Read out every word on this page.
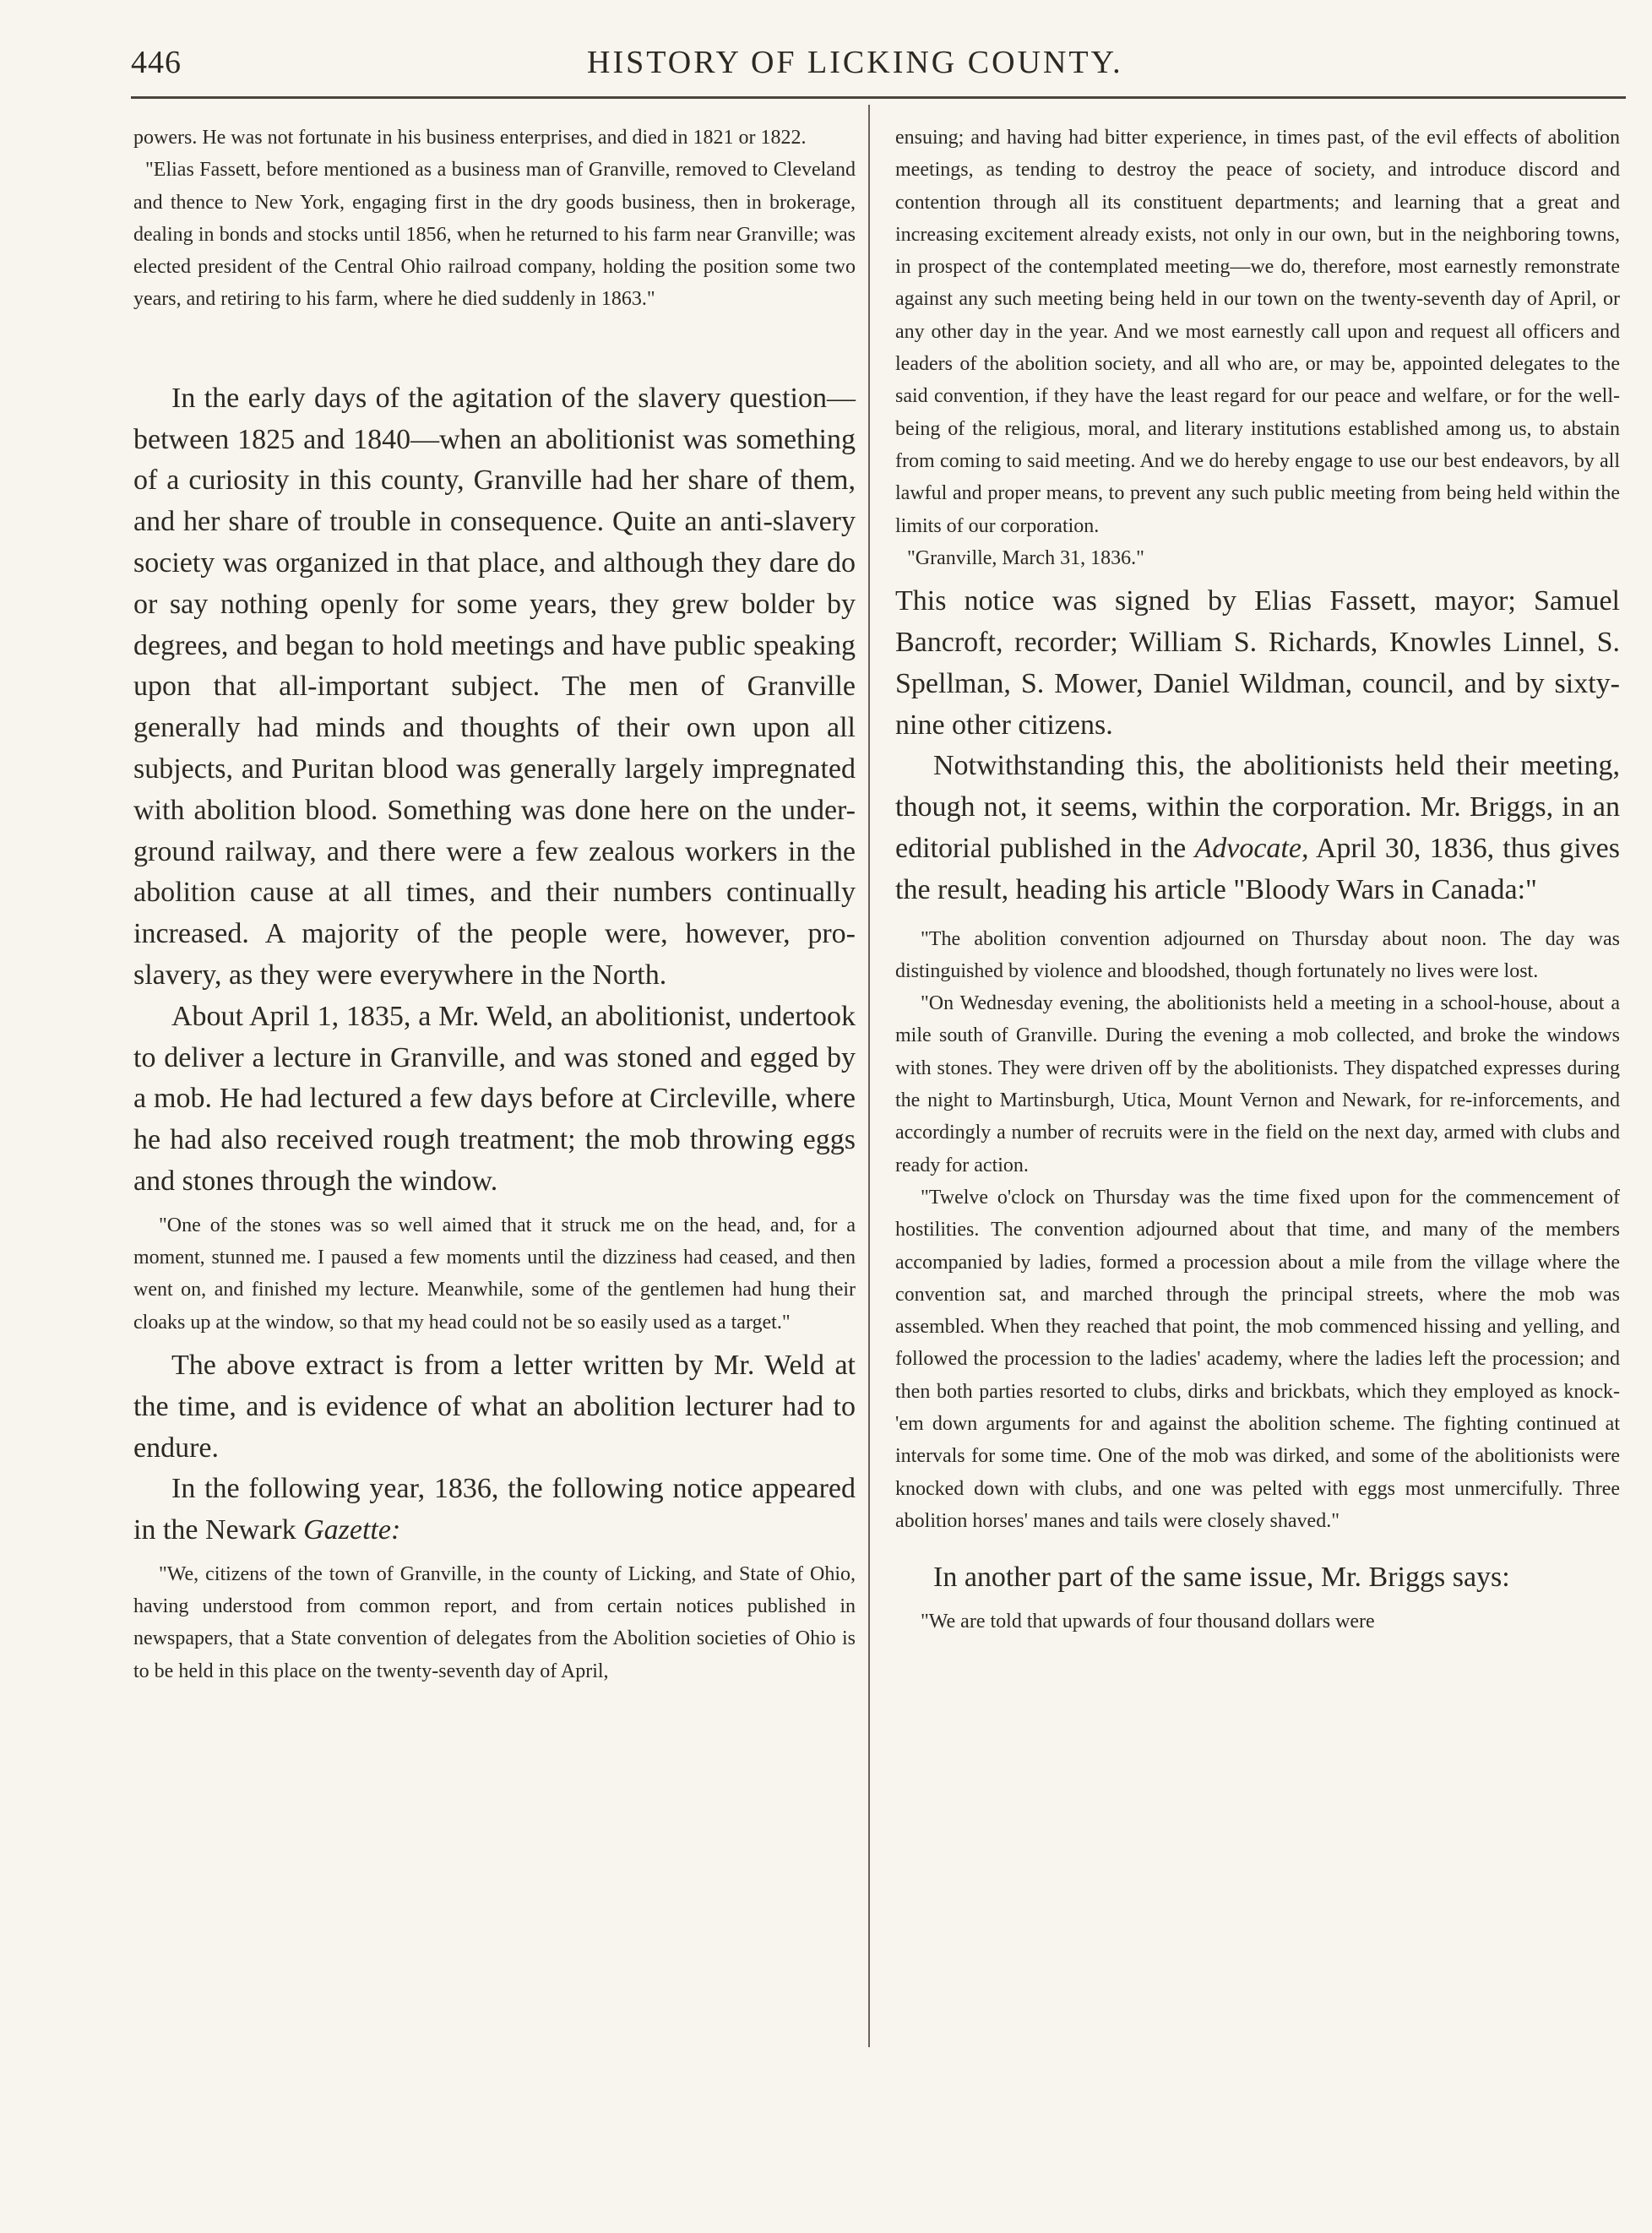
446	HISTORY OF LICKING COUNTY.

powers. He was not fortunate in his business enterprises, and died in 1821 or 1822.

"Elias Fassett, before mentioned as a business man of Granville, removed to Cleveland and thence to New York, engaging first in the dry goods business, then in brokerage, dealing in bonds and stocks until 1856, when he returned to his farm near Granville; was elected president of the Central Ohio railroad company, holding the position some two years, and retiring to his farm, where he died suddenly in 1863."

In the early days of the agitation of the slavery question—between 1825 and 1840—when an abolitionist was something of a curiosity in this county, Granville had her share of them, and her share of trouble in consequence. Quite an anti-slavery society was organized in that place, and although they dare do or say nothing openly for some years, they grew bolder by degrees, and began to hold meetings and have public speaking upon that all-important subject. The men of Granville generally had minds and thoughts of their own upon all subjects, and Puritan blood was generally largely impregnated with abolition blood. Something was done here on the under-ground railway, and there were a few zealous workers in the abolition cause at all times, and their numbers continually increased. A majority of the people were, however, pro-slavery, as they were everywhere in the North.

About April 1, 1835, a Mr. Weld, an abolitionist, undertook to deliver a lecture in Granville, and was stoned and egged by a mob. He had lectured a few days before at Circleville, where he had also received rough treatment; the mob throwing eggs and stones through the window.

"One of the stones was so well aimed that it struck me on the head, and, for a moment, stunned me. I paused a few moments until the dizziness had ceased, and then went on, and finished my lecture. Meanwhile, some of the gentlemen had hung their cloaks up at the window, so that my head could not be so easily used as a target."

The above extract is from a letter written by Mr. Weld at the time, and is evidence of what an abolition lecturer had to endure.

In the following year, 1836, the following notice appeared in the Newark Gazette:

"We, citizens of the town of Granville, in the county of Licking, and State of Ohio, having understood from common report, and from certain notices published in newspapers, that a State convention of delegates from the Abolition societies of Ohio is to be held in this place on the twenty-seventh day of April,

ensuing; and having had bitter experience, in times past, of the evil effects of abolition meetings, as tending to destroy the peace of society, and introduce discord and contention through all its constituent departments; and learning that a great and increasing excitement already exists, not only in our own, but in the neighboring towns, in prospect of the contemplated meeting—we do, therefore, most earnestly remonstrate against any such meeting being held in our town on the twenty-seventh day of April, or any other day in the year. And we most earnestly call upon and request all officers and leaders of the abolition society, and all who are, or may be, appointed delegates to the said convention, if they have the least regard for our peace and welfare, or for the well-being of the religious, moral, and literary institutions established among us, to abstain from coming to said meeting. And we do hereby engage to use our best endeavors, by all lawful and proper means, to prevent any such public meeting from being held within the limits of our corporation.

"Granville, March 31, 1836."

This notice was signed by Elias Fassett, mayor; Samuel Bancroft, recorder; William S. Richards, Knowles Linnel, S. Spellman, S. Mower, Daniel Wildman, council, and by sixty-nine other citizens.

Notwithstanding this, the abolitionists held their meeting, though not, it seems, within the corporation. Mr. Briggs, in an editorial published in the Advocate, April 30, 1836, thus gives the result, heading his article "Bloody Wars in Canada:"

"The abolition convention adjourned on Thursday about noon. The day was distinguished by violence and bloodshed, though fortunately no lives were lost.

"On Wednesday evening, the abolitionists held a meeting in a school-house, about a mile south of Granville. During the evening a mob collected, and broke the windows with stones. They were driven off by the abolitionists. They dispatched expresses during the night to Martinsburgh, Utica, Mount Vernon and Newark, for re-inforcements, and accordingly a number of recruits were in the field on the next day, armed with clubs and ready for action.

"Twelve o'clock on Thursday was the time fixed upon for the commencement of hostilities. The convention adjourned about that time, and many of the members accompanied by ladies, formed a procession about a mile from the village where the convention sat, and marched through the principal streets, where the mob was assembled. When they reached that point, the mob commenced hissing and yelling, and followed the procession to the ladies' academy, where the ladies left the procession; and then both parties resorted to clubs, dirks and brickbats, which they employed as knock-'em down arguments for and against the abolition scheme. The fighting continued at intervals for some time. One of the mob was dirked, and some of the abolitionists were knocked down with clubs, and one was pelted with eggs most unmercifully. Three abolition horses' manes and tails were closely shaved."

In another part of the same issue, Mr. Briggs says:

"We are told that upwards of four thousand dollars were
